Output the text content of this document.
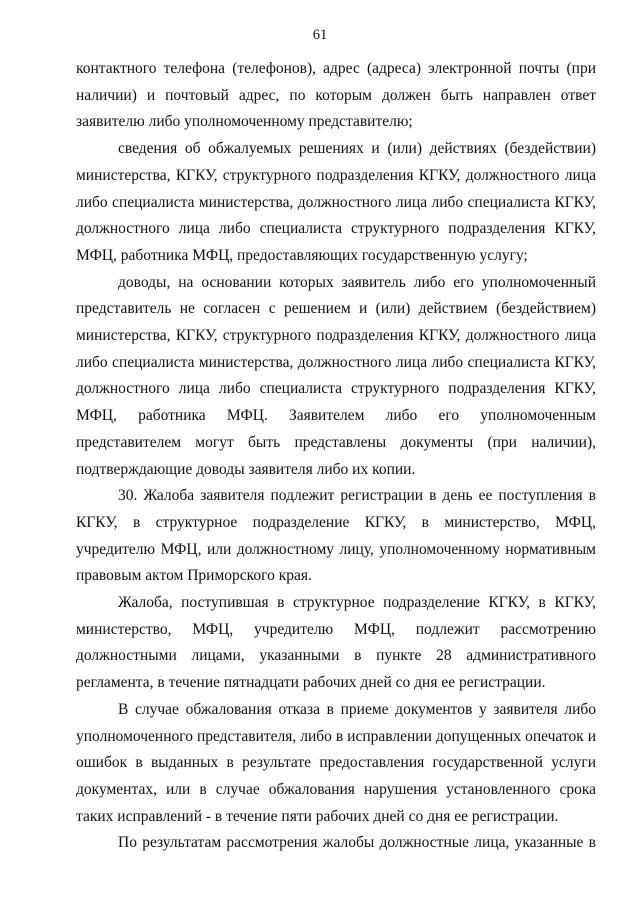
61

контактного телефона (телефонов), адрес (адреса) электронной почты (при наличии) и почтовый адрес, по которым должен быть направлен ответ заявителю либо уполномоченному представителю;

сведения об обжалуемых решениях и (или) действиях (бездействии) министерства, КГКУ, структурного подразделения КГКУ, должностного лица либо специалиста министерства, должностного лица либо специалиста КГКУ, должностного лица либо специалиста структурного подразделения КГКУ, МФЦ, работника МФЦ, предоставляющих государственную услугу;

доводы, на основании которых заявитель либо его уполномоченный представитель не согласен с решением и (или) действием (бездействием) министерства, КГКУ, структурного подразделения КГКУ, должностного лица либо специалиста министерства, должностного лица либо специалиста КГКУ, должностного лица либо специалиста структурного подразделения КГКУ, МФЦ, работника МФЦ. Заявителем либо его уполномоченным представителем могут быть представлены документы (при наличии), подтверждающие доводы заявителя либо их копии.

30. Жалоба заявителя подлежит регистрации в день ее поступления в КГКУ, в структурное подразделение КГКУ, в министерство, МФЦ, учредителю МФЦ, или должностному лицу, уполномоченному нормативным правовым актом Приморского края.

Жалоба, поступившая в структурное подразделение КГКУ, в КГКУ, министерство, МФЦ, учредителю МФЦ, подлежит рассмотрению должностными лицами, указанными в пункте 28 административного регламента, в течение пятнадцати рабочих дней со дня ее регистрации.

В случае обжалования отказа в приеме документов у заявителя либо уполномоченного представителя, либо в исправлении допущенных опечаток и ошибок в выданных в результате предоставления государственной услуги документах, или в случае обжалования нарушения установленного срока таких исправлений - в течение пяти рабочих дней со дня ее регистрации.

По результатам рассмотрения жалобы должностные лица, указанные в
